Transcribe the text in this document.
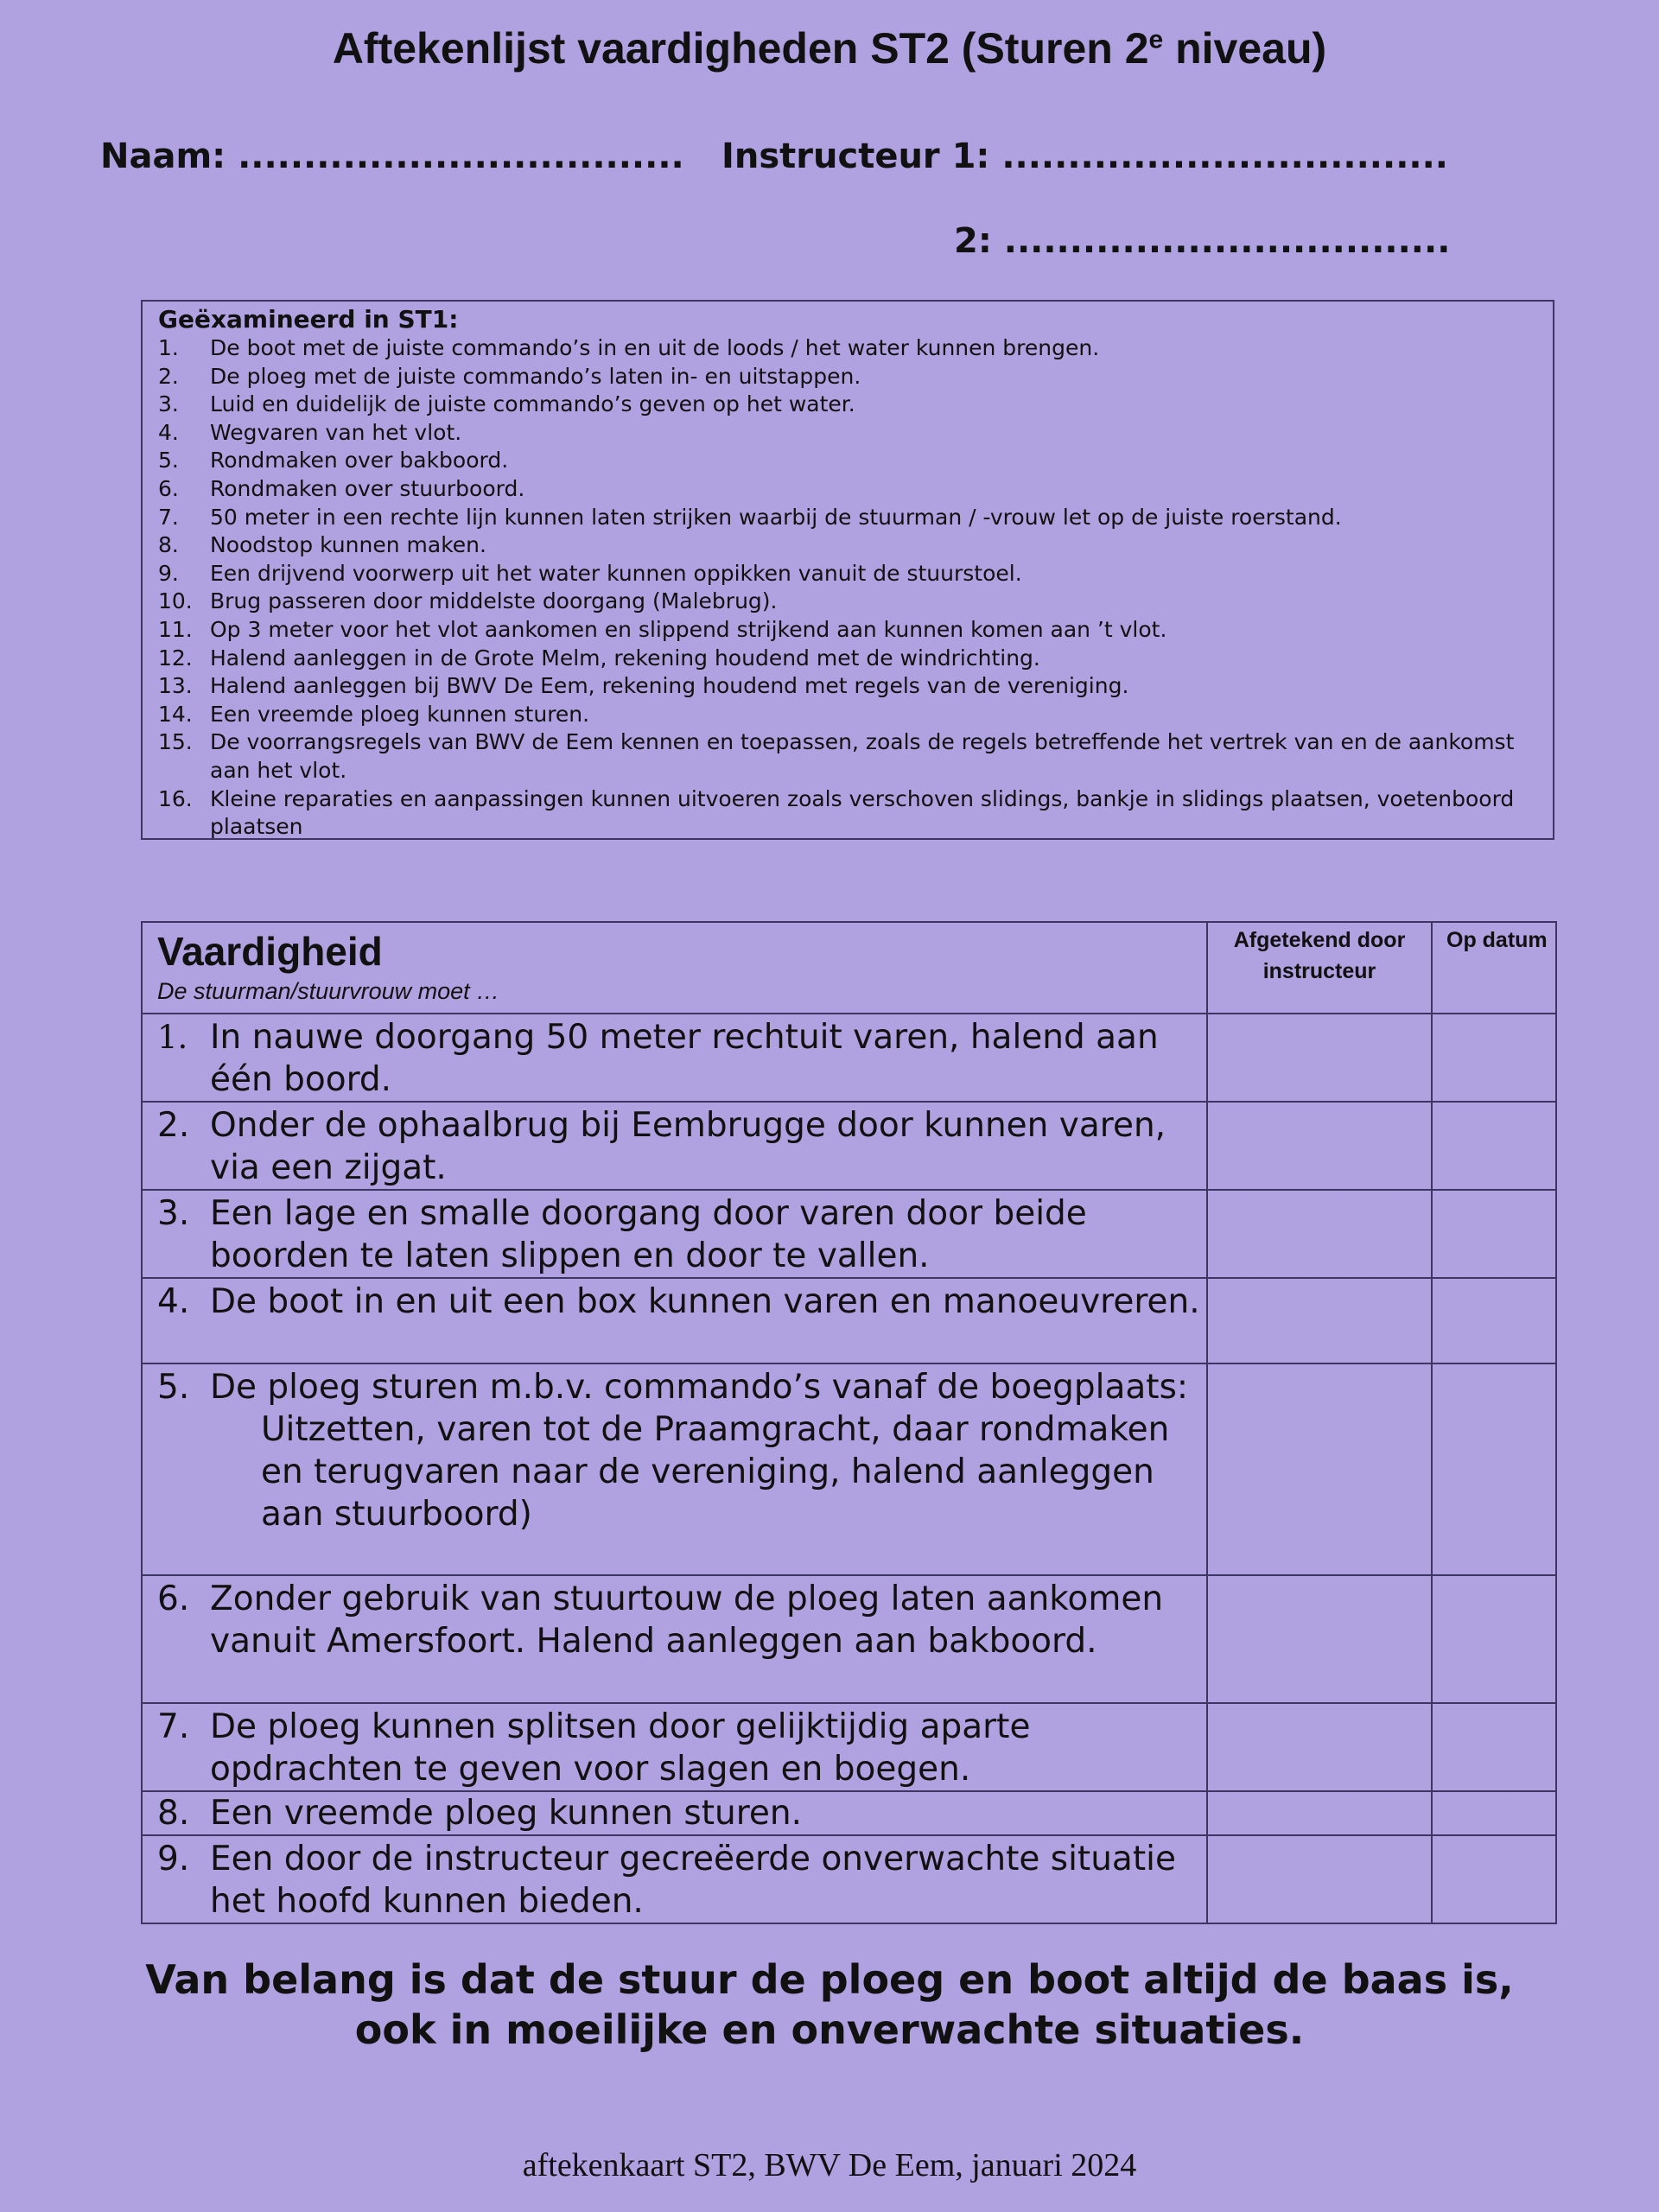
Aftekenlijst vaardigheden ST2 (Sturen 2e niveau)
Naam: .................................. Instructeur 1: ..................................
2: ..................................
Geëxamineerd in ST1:
1.	De boot met de juiste commando’s in en uit de loods / het water kunnen brengen.
2.	De ploeg met de juiste commando’s laten in- en uitstappen.
3.	Luid en duidelijk de juiste commando’s geven op het water.
4.	Wegvaren van het vlot.
5.	Rondmaken over bakboord.
6.	Rondmaken over stuurboord.
7.	50 meter in een rechte lijn kunnen laten strijken waarbij de stuurman / -vrouw let op de juiste roerstand.
8.	Noodstop kunnen maken.
9.	Een drijvend voorwerp uit het water kunnen oppikken vanuit de stuurstoel.
10. Brug passeren door middelste doorgang (Malebrug).
11. Op 3 meter voor het vlot aankomen en slippend strijkend aan kunnen komen aan ’t vlot.
12. Halend aanleggen in de Grote Melm, rekening houdend met de windrichting.
13. Halend aanleggen bij BWV De Eem, rekening houdend met regels van de vereniging.
14. Een vreemde ploeg kunnen sturen.
15. De voorrangsregels van BWV de Eem kennen en toepassen, zoals de regels betreffende het vertrek van en de aankomst aan het vlot.
16. Kleine reparaties en aanpassingen kunnen uitvoeren zoals verschoven slidings, bankje in slidings plaatsen, voetenboord plaatsen
Vaardigheid
De stuurman/stuurvrouw moet …	Afgetekend door instructeur	Op datum

1. In nauwe doorgang 50 meter rechtuit varen, halend aan één boord.		

2. Onder de ophaalbrug bij Eembrugge door kunnen varen, via een zijgat.		

3. Een lage en smalle doorgang door varen door beide boorden te laten slippen en door te vallen.		

4. De boot in en uit een box kunnen varen en manoeuvreren.		

5. De ploeg sturen m.b.v. commando’s vanaf de boegplaats:
Uitzetten, varen tot de Praamgracht, daar rondmaken en terugvaren naar de vereniging, halend aanleggen aan stuurboord)		

6. Zonder gebruik van stuurtouw de ploeg laten aankomen vanuit Amersfoort. Halend aanleggen aan bakboord.		

7. De ploeg kunnen splitsen door gelijktijdig aparte opdrachten te geven voor slagen en boegen.		

8. Een vreemde ploeg kunnen sturen.		

9. Een door de instructeur gecreëerde onverwachte situatie het hoofd kunnen bieden.		

Van belang is dat de stuur de ploeg en boot altijd de baas is,
ook in moeilijke en onverwachte situaties.
aftekenkaart ST2, BWV De Eem, januari 2024
